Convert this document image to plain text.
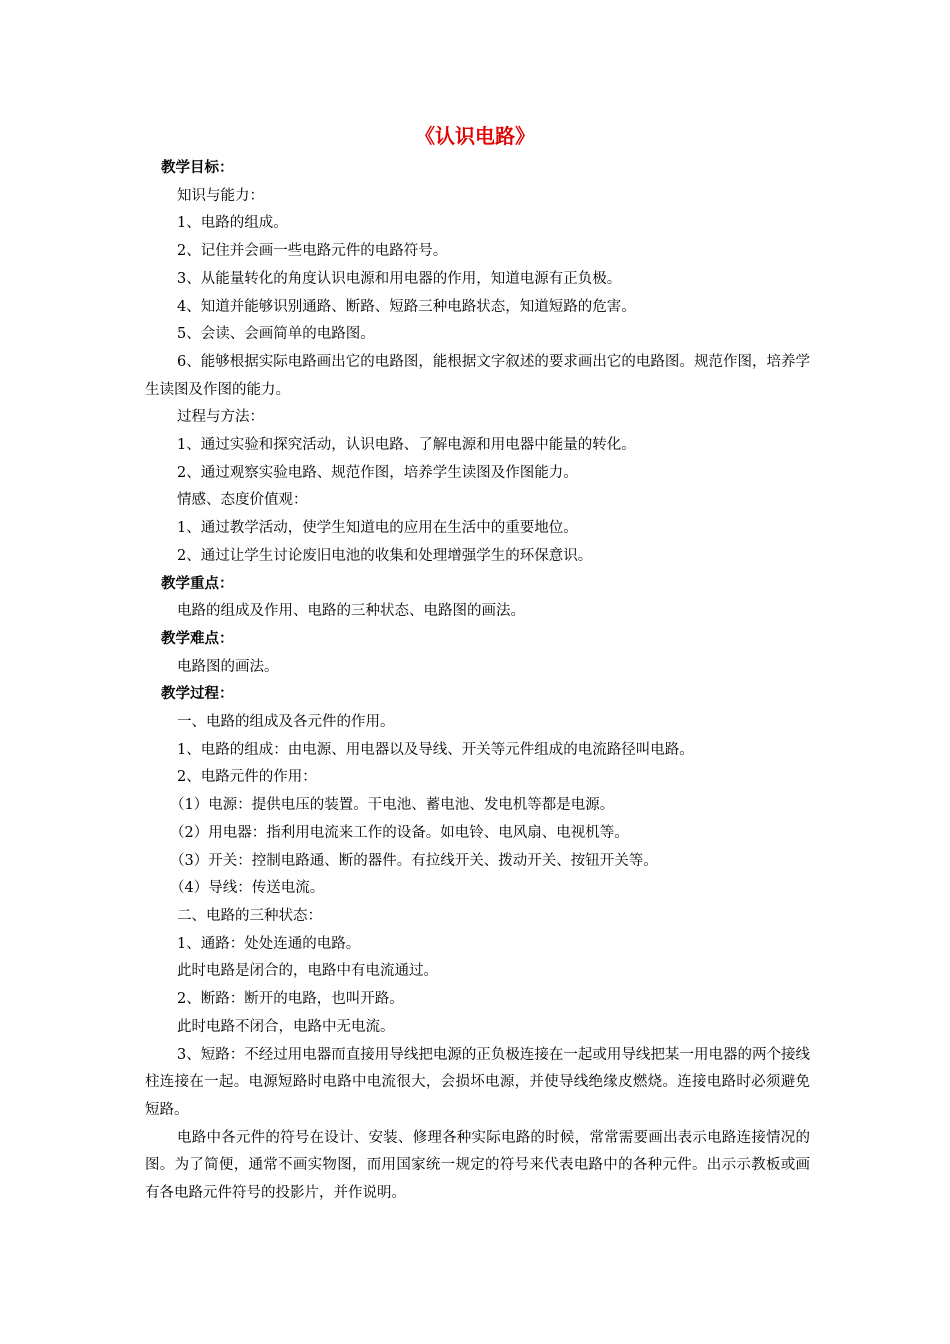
《认识电路》
教学目标：
知识与能力：
1、电路的组成。
2、记住并会画一些电路元件的电路符号。
3、从能量转化的角度认识电源和用电器的作用，知道电源有正负极。
4、知道并能够识别通路、断路、短路三种电路状态，知道短路的危害。
5、会读、会画简单的电路图。
6、能够根据实际电路画出它的电路图，能根据文字叙述的要求画出它的电路图。规范作图，培养学生读图及作图的能力。
过程与方法：
1、通过实验和探究活动，认识电路、了解电源和用电器中能量的转化。
2、通过观察实验电路、规范作图，培养学生读图及作图能力。
情感、态度价值观：
1、通过教学活动，使学生知道电的应用在生活中的重要地位。
2、通过让学生讨论废旧电池的收集和处理增强学生的环保意识。
教学重点：
电路的组成及作用、电路的三种状态、电路图的画法。
教学难点：
电路图的画法。
教学过程：
一、电路的组成及各元件的作用。
1、电路的组成：由电源、用电器以及导线、开关等元件组成的电流路径叫电路。
2、电路元件的作用：
（1）电源：提供电压的装置。干电池、蓄电池、发电机等都是电源。
（2）用电器：指利用电流来工作的设备。如电铃、电风扇、电视机等。
（3）开关：控制电路通、断的器件。有拉线开关、拨动开关、按钮开关等。
（4）导线：传送电流。
二、电路的三种状态：
1、通路：处处连通的电路。
此时电路是闭合的，电路中有电流通过。
2、断路：断开的电路，也叫开路。
此时电路不闭合，电路中无电流。
3、短路：不经过用电器而直接用导线把电源的正负极连接在一起或用导线把某一用电器的两个接线柱连接在一起。电源短路时电路中电流很大，会损坏电源，并使导线绝缘皮燃烧。连接电路时必须避免短路。
电路中各元件的符号在设计、安装、修理各种实际电路的时候，常常需要画出表示电路连接情况的图。为了简便，通常不画实物图，而用国家统一规定的符号来代表电路中的各种元件。出示示教板或画有各电路元件符号的投影片，并作说明。
